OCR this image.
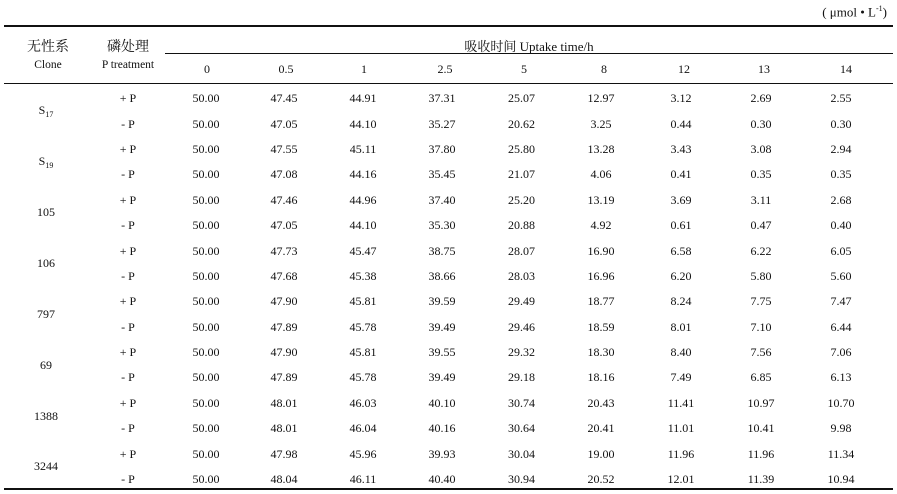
( μmol • $L^{-1}$)
无性系
Clone
磷处理
P treatment
吸收时间 Uptake time/h
0	0.5	1	2.5	5	8	12	13	14
$S_{17}$	+ P	50.00	47.45	44.91	37.31	25.07	12.97	3.12	2.69	2.55
	- P	50.00	47.05	44.10	35.27	20.62	3.25	0.44	0.30	0.30
$S_{19}$	+ P	50.00	47.55	45.11	37.80	25.80	13.28	3.43	3.08	2.94
	- P	50.00	47.08	44.16	35.45	21.07	4.06	0.41	0.35	0.35
105	+ P	50.00	47.46	44.96	37.40	25.20	13.19	3.69	3.11	2.68
	- P	50.00	47.05	44.10	35.30	20.88	4.92	0.61	0.47	0.40
106	+ P	50.00	47.73	45.47	38.75	28.07	16.90	6.58	6.22	6.05
	- P	50.00	47.68	45.38	38.66	28.03	16.96	6.20	5.80	5.60
797	+ P	50.00	47.90	45.81	39.59	29.49	18.77	8.24	7.75	7.47
	- P	50.00	47.89	45.78	39.49	29.46	18.59	8.01	7.10	6.44
69	+ P	50.00	47.90	45.81	39.55	29.32	18.30	8.40	7.56	7.06
	- P	50.00	47.89	45.78	39.49	29.18	18.16	7.49	6.85	6.13
1388	+ P	50.00	48.01	46.03	40.10	30.74	20.43	11.41	10.97	10.70
	- P	50.00	48.01	46.04	40.16	30.64	20.41	11.01	10.41	9.98
3244	+ P	50.00	47.98	45.96	39.93	30.04	19.00	11.96	11.96	11.34
	- P	50.00	48.04	46.11	40.40	30.94	20.52	12.01	11.39	10.94
